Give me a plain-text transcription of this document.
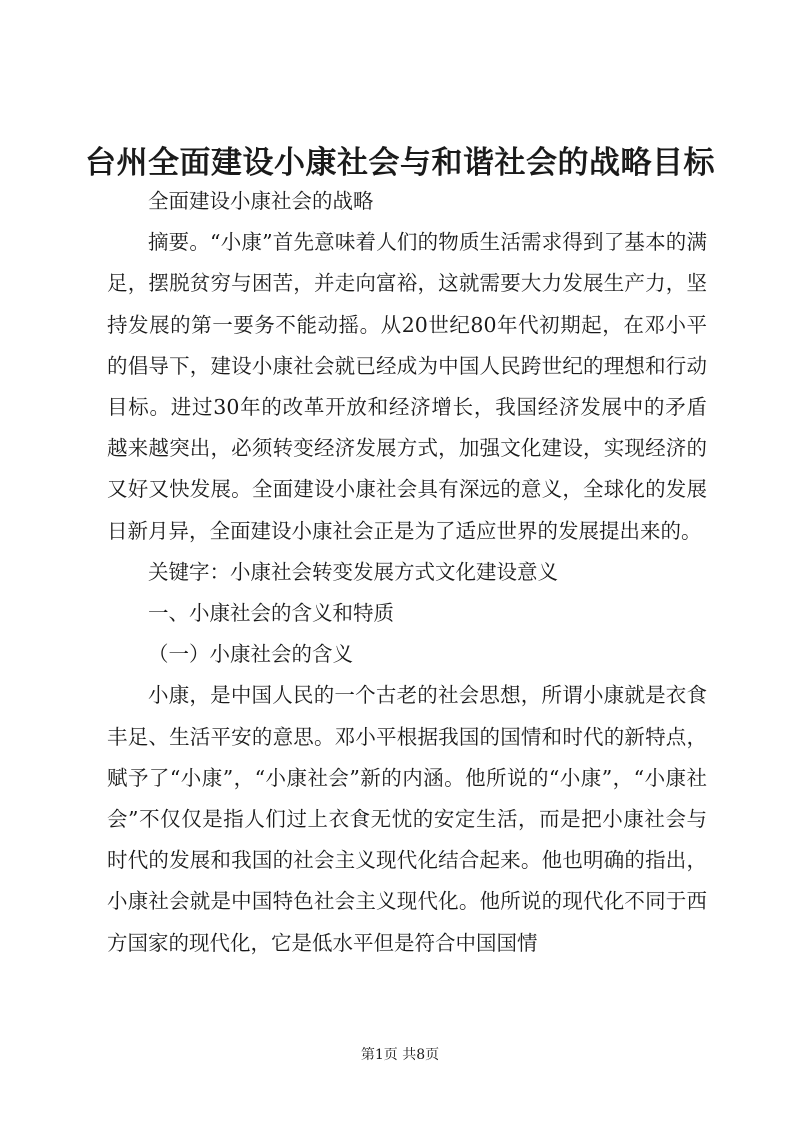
台州全面建设小康社会与和谐社会的战略目标

全面建设小康社会的战略

摘要。“小康”首先意味着人们的物质生活需求得到了基本的满足，摆脱贫穷与困苦，并走向富裕，这就需要大力发展生产力，坚持发展的第一要务不能动摇。从20世纪80年代初期起，在邓小平的倡导下，建设小康社会就已经成为中国人民跨世纪的理想和行动目标。进过30年的改革开放和经济增长，我国经济发展中的矛盾越来越突出，必须转变经济发展方式，加强文化建设，实现经济的又好又快发展。全面建设小康社会具有深远的意义，全球化的发展日新月异，全面建设小康社会正是为了适应世界的发展提出来的。

关键字：小康社会转变发展方式文化建设意义

一、小康社会的含义和特质

（一）小康社会的含义

小康，是中国人民的一个古老的社会思想，所谓小康就是衣食丰足、生活平安的意思。邓小平根据我国的国情和时代的新特点，赋予了“小康”，“小康社会”新的内涵。他所说的“小康”，“小康社会”不仅仅是指人们过上衣食无忧的安定生活，而是把小康社会与时代的发展和我国的社会主义现代化结合起来。他也明确的指出，小康社会就是中国特色社会主义现代化。他所说的现代化不同于西方国家的现代化，它是低水平但是符合中国国情

第1页 共8页
